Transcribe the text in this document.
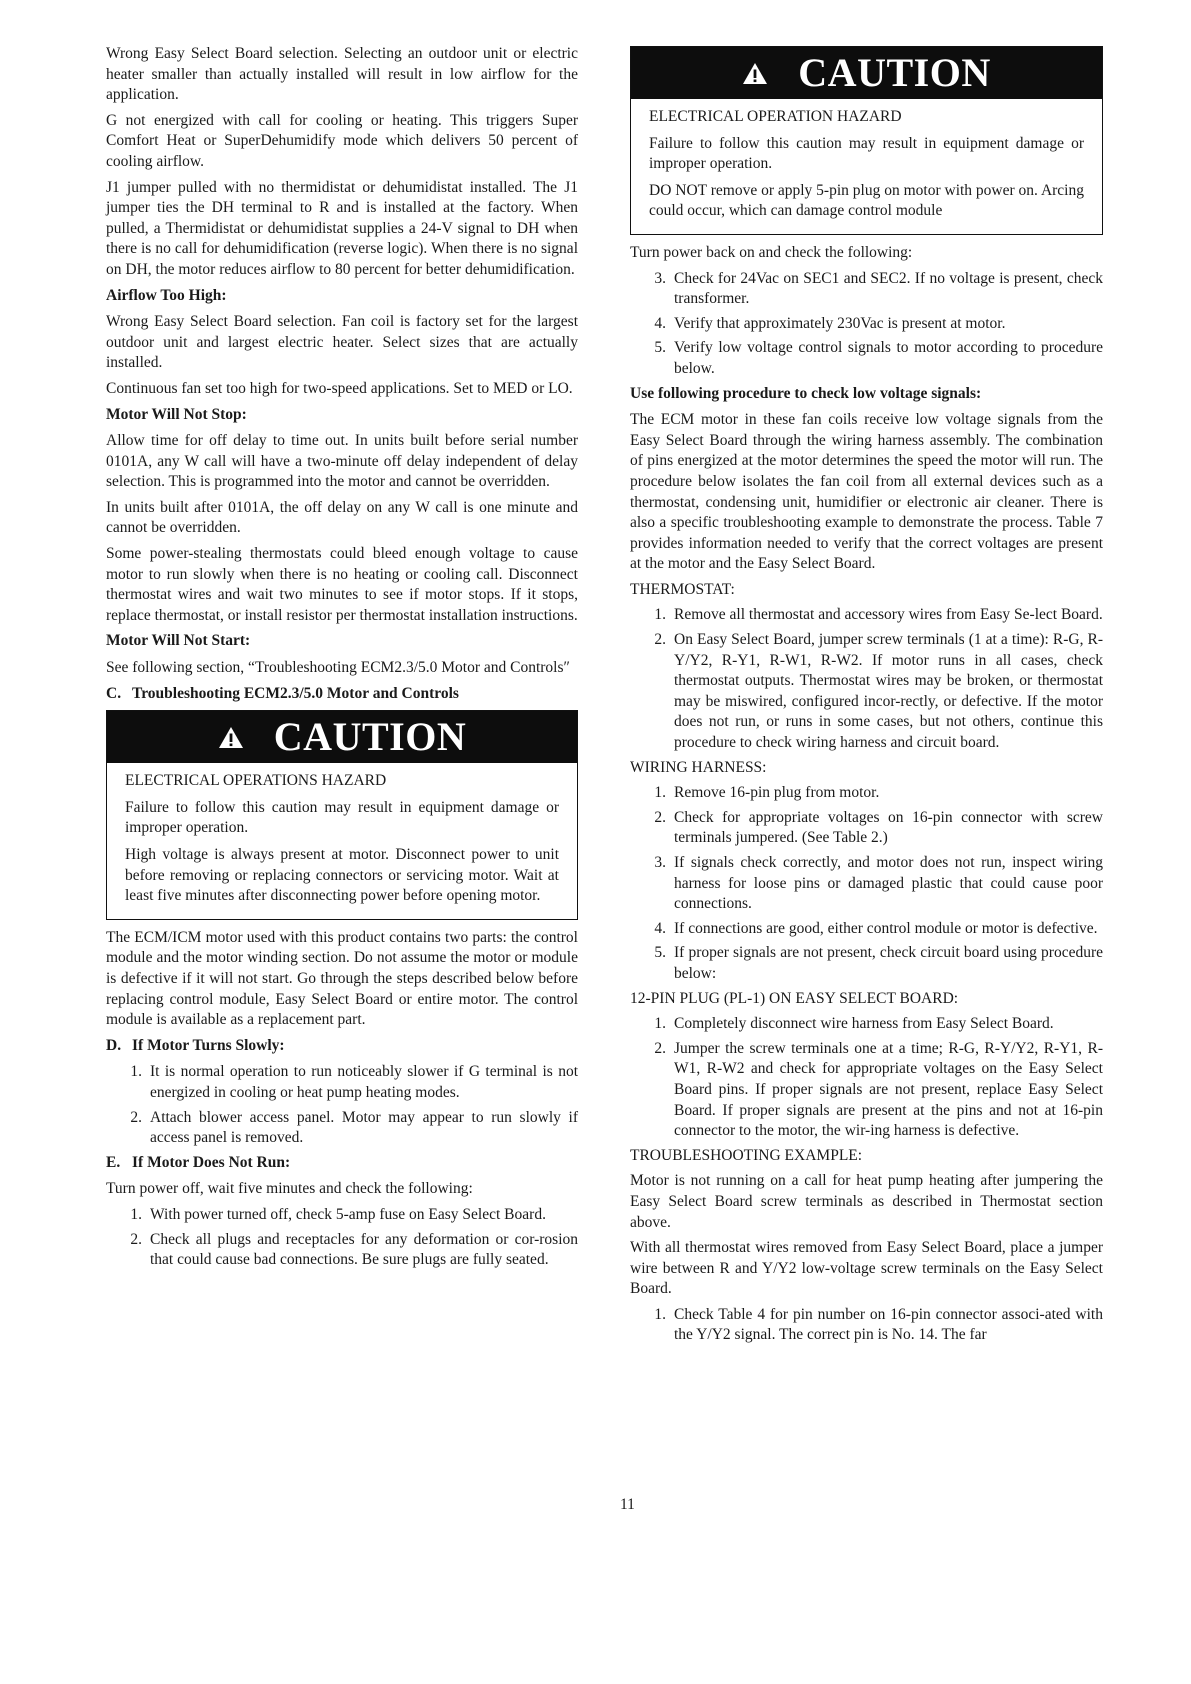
Wrong Easy Select Board selection. Selecting an outdoor unit or electric heater smaller than actually installed will result in low airflow for the application.

G not energized with call for cooling or heating. This triggers Super Comfort Heat or SuperDehumidify mode which delivers 50 percent of cooling airflow.

J1 jumper pulled with no thermidistat or dehumidistat installed. The J1 jumper ties the DH terminal to R and is installed at the factory. When pulled, a Thermidistat or dehumidistat supplies a 24-V signal to DH when there is no call for dehumidification (reverse logic). When there is no signal on DH, the motor reduces airflow to 80 percent for better dehumidification.

Airflow Too High:

Wrong Easy Select Board selection. Fan coil is factory set for the largest outdoor unit and largest electric heater. Select sizes that are actually installed.

Continuous fan set too high for two-speed applications. Set to MED or LO.

Motor Will Not Stop:

Allow time for off delay to time out. In units built before serial number 0101A, any W call will have a two-minute off delay independent of delay selection. This is programmed into the motor and cannot be overridden.

In units built after 0101A, the off delay on any W call is one minute and cannot be overridden.

Some power-stealing thermostats could bleed enough voltage to cause motor to run slowly when there is no heating or cooling call. Disconnect thermostat wires and wait two minutes to see if motor stops. If it stops, replace thermostat, or install resistor per thermostat installation instructions.

Motor Will Not Start:

See following section, “Troubleshooting ECM2.3/5.0 Motor and Controls″

C. Troubleshooting ECM2.3/5.0 Motor and Controls
CAUTION
ELECTRICAL OPERATIONS HAZARD

Failure to follow this caution may result in equipment damage or improper operation.

High voltage is always present at motor. Disconnect power to unit before removing or replacing connectors or servicing motor. Wait at least five minutes after disconnecting power before opening motor.

The ECM/ICM motor used with this product contains two parts: the control module and the motor winding section. Do not assume the motor or module is defective if it will not start. Go through the steps described below before replacing control module, Easy Select Board or entire motor. The control module is available as a replacement part.

D. If Motor Turns Slowly:
1. It is normal operation to run noticeably slower if G terminal is not energized in cooling or heat pump heating modes.
2. Attach blower access panel. Motor may appear to run slowly if access panel is removed.
E. If Motor Does Not Run:

Turn power off, wait five minutes and check the following:

1. With power turned off, check 5-amp fuse on Easy Select Board.
2. Check all plugs and receptacles for any deformation or cor-rosion that could cause bad connections. Be sure plugs are fully seated.
CAUTION
ELECTRICAL OPERATION HAZARD

Failure to follow this caution may result in equipment damage or improper operation.

DO NOT remove or apply 5-pin plug on motor with power on. Arcing could occur, which can damage control module

Turn power back on and check the following:

3. Check for 24Vac on SEC1 and SEC2. If no voltage is present, check transformer.
4. Verify that approximately 230Vac is present at motor.
5. Verify low voltage control signals to motor according to procedure below.
Use following procedure to check low voltage signals:

The ECM motor in these fan coils receive low voltage signals from the Easy Select Board through the wiring harness assembly. The combination of pins energized at the motor determines the speed the motor will run. The procedure below isolates the fan coil from all external devices such as a thermostat, condensing unit, humidifier or electronic air cleaner. There is also a specific troubleshooting example to demonstrate the process. Table 7 provides information needed to verify that the correct voltages are present at the motor and the Easy Select Board.

THERMOSTAT:
1. Remove all thermostat and accessory wires from Easy Se-lect Board.
2. On Easy Select Board, jumper screw terminals (1 at a time): R-G, R-Y/Y2, R-Y1, R-W1, R-W2. If motor runs in all cases, check thermostat outputs. Thermostat wires may be broken, or thermostat may be miswired, configured incor-rectly, or defective. If the motor does not run, or runs in some cases, but not others, continue this procedure to check wiring harness and circuit board.
WIRING HARNESS:
1. Remove 16-pin plug from motor.
2. Check for appropriate voltages on 16-pin connector with screw terminals jumpered. (See Table 2.)
3. If signals check correctly, and motor does not run, inspect wiring harness for loose pins or damaged plastic that could cause poor connections.
4. If connections are good, either control module or motor is defective.
5. If proper signals are not present, check circuit board using procedure below:
12-PIN PLUG (PL-1) ON EASY SELECT BOARD:
1. Completely disconnect wire harness from Easy Select Board.
2. Jumper the screw terminals one at a time; R-G, R-Y/Y2, R-Y1, R-W1, R-W2 and check for appropriate voltages on the Easy Select Board pins. If proper signals are not present, replace Easy Select Board. If proper signals are present at the pins and not at 16-pin connector to the motor, the wir-ing harness is defective.
TROUBLESHOOTING EXAMPLE:

Motor is not running on a call for heat pump heating after jumpering the Easy Select Board screw terminals as described in Thermostat section above.

With all thermostat wires removed from Easy Select Board, place a jumper wire between R and Y/Y2 low-voltage screw terminals on the Easy Select Board.

1. Check Table 4 for pin number on 16-pin connector associ-ated with the Y/Y2 signal. The correct pin is No. 14. The far
11
